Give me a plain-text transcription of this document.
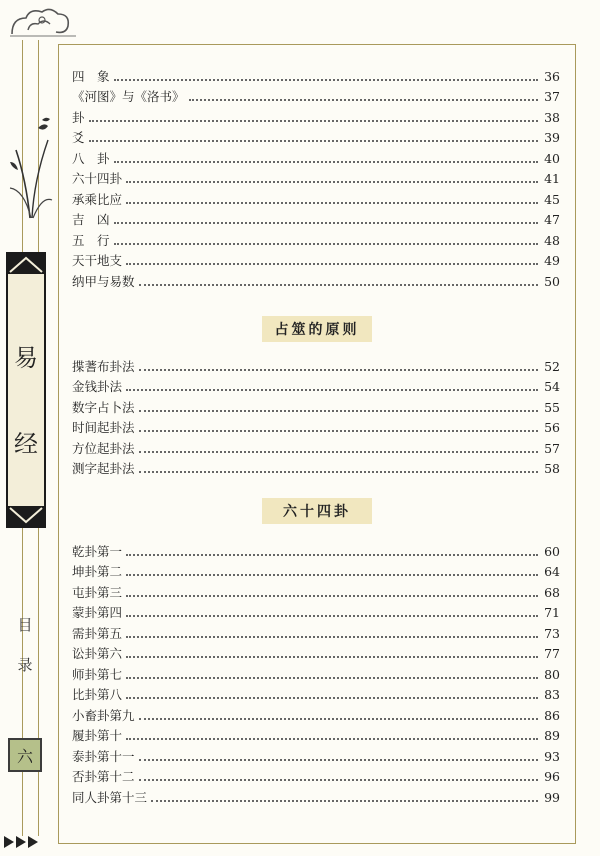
易
经
目
录
六
四　象	36
《河图》与《洛书》	37
卦	38
爻	39
八　卦	40
六十四卦	41
承乘比应	45
吉　凶	47
五　行	48
天干地支	49
纳甲与易数	50
占筮的原则
揲蓍布卦法	52
金钱卦法	54
数字占卜法	55
时间起卦法	56
方位起卦法	57
测字起卦法	58
六十四卦
乾卦第一	60
坤卦第二	64
屯卦第三	68
蒙卦第四	71
需卦第五	73
讼卦第六	77
师卦第七	80
比卦第八	83
小畜卦第九	86
履卦第十	89
泰卦第十一	93
否卦第十二	96
同人卦第十三	99
